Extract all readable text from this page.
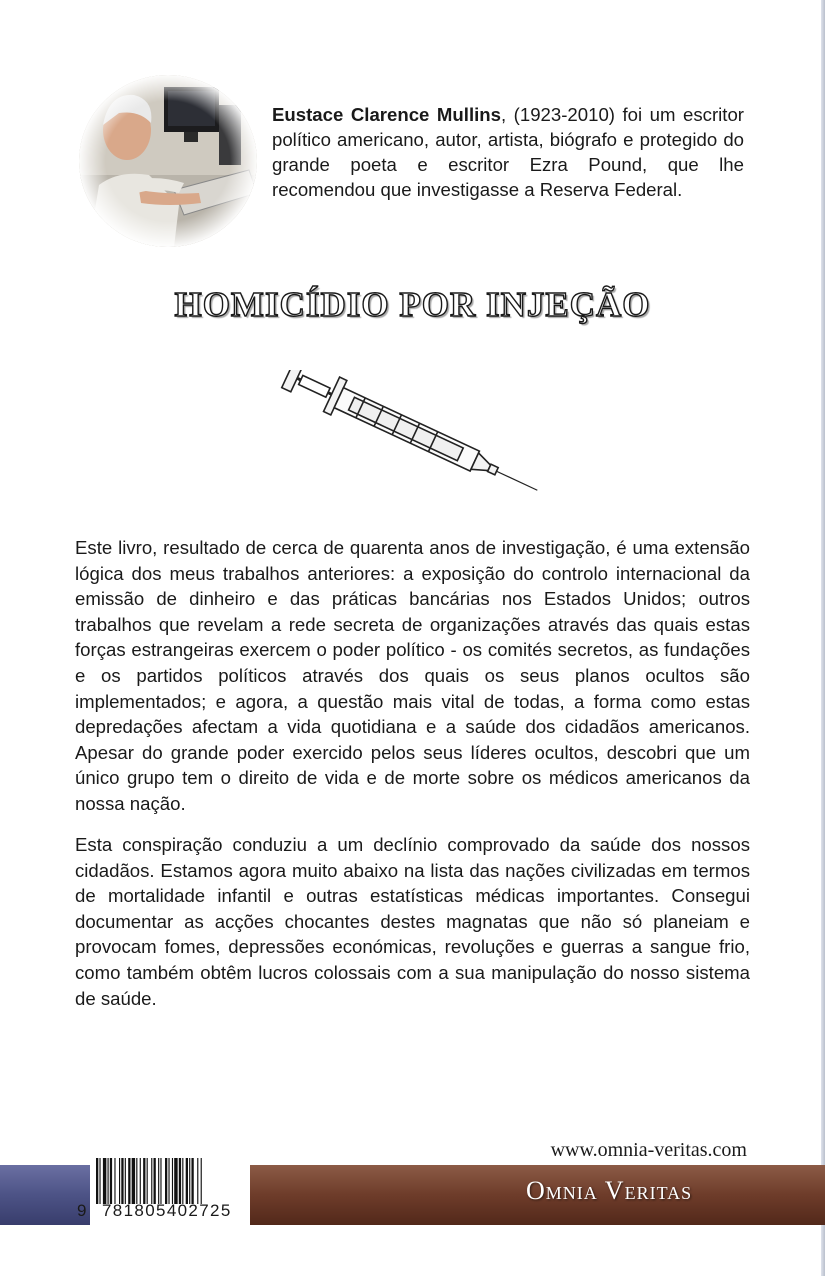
Eustace Clarence Mullins, (1923-2010) foi um escritor político americano, autor, artista, biógrafo e protegido do grande poeta e escritor Ezra Pound, que lhe recomendou que investigasse a Reserva Federal.

HOMICÍDIO POR INJEÇÃO

Este livro, resultado de cerca de quarenta anos de investigação, é uma extensão lógica dos meus trabalhos anteriores: a exposição do controlo internacional da emissão de dinheiro e das práticas bancárias nos Estados Unidos; outros trabalhos que revelam a rede secreta de organizações através das quais estas forças estrangeiras exercem o poder político - os comités secretos, as fundações e os partidos políticos através dos quais os seus planos ocultos são implementados; e agora, a questão mais vital de todas, a forma como estas depredações afectam a vida quotidiana e a saúde dos cidadãos americanos. Apesar do grande poder exercido pelos seus líderes ocultos, descobri que um único grupo tem o direito de vida e de morte sobre os médicos americanos da nossa nação.

Esta conspiração conduziu a um declínio comprovado da saúde dos nossos cidadãos. Estamos agora muito abaixo na lista das nações civilizadas em termos de mortalidade infantil e outras estatísticas médicas importantes. Consegui documentar as acções chocantes destes magnatas que não só planeiam e provocam fomes, depressões económicas, revoluções e guerras a sangue frio, como também obtêm lucros colossais com a sua manipulação do nosso sistema de saúde.

www.omnia-veritas.com
9 781805402725
Omnia Veritas
